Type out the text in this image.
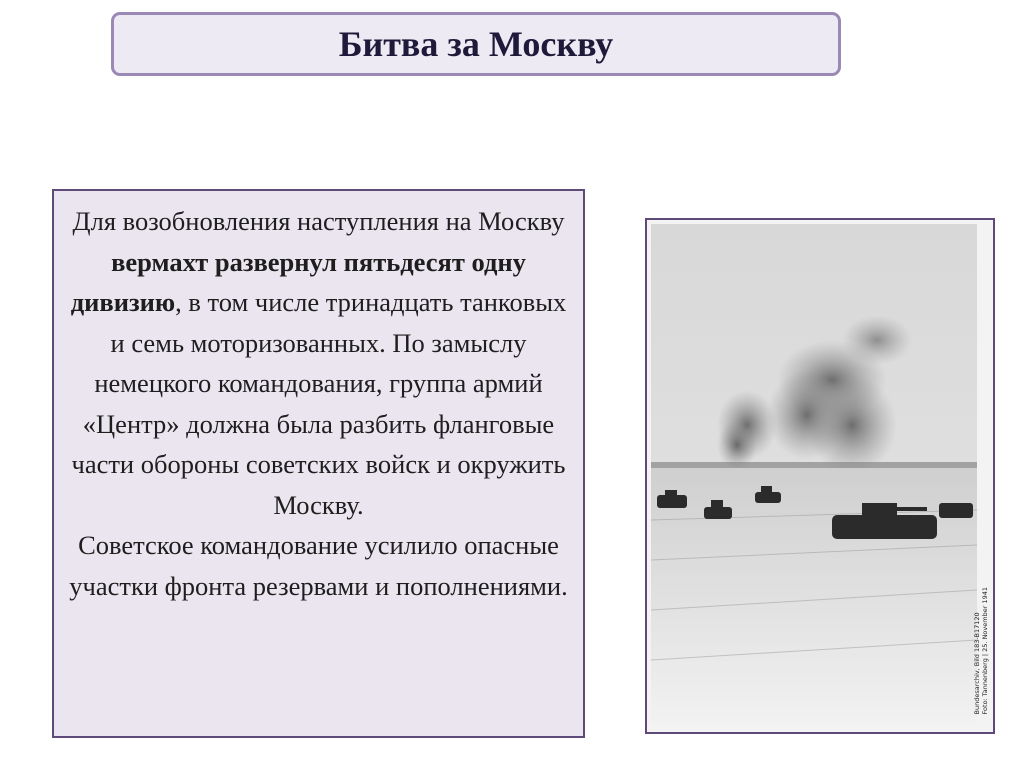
Битва за Москву

Для возобновления наступления на Москву вермахт развернул пятьдесят одну дивизию, в том числе тринадцать танковых и семь моторизованных. По замыслу немецкого командования, группа армий «Центр» должна была разбить фланговые части обороны советских войск и окружить Москву.

Советское командование усилило опасные участки фронта резервами и пополнениями.

Bundesarchiv, Bild 183-B17120 Foto: Tannenberg | 25. November 1941
